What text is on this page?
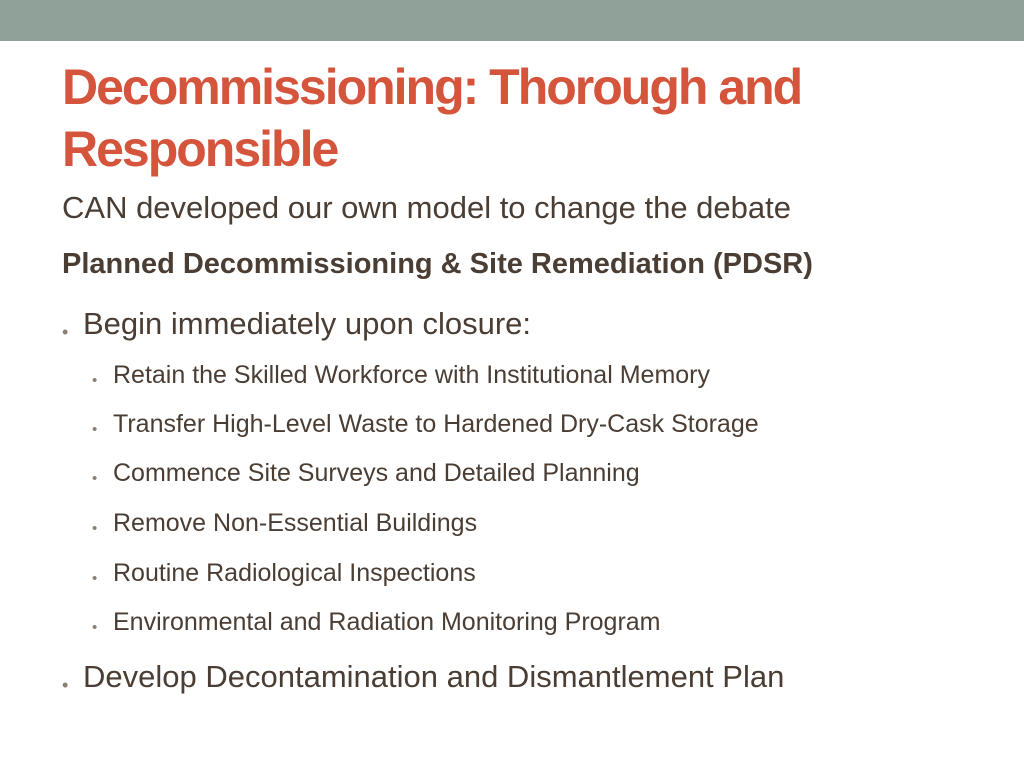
Decommissioning: Thorough and Responsible

CAN developed our own model to change the debate

Planned Decommissioning & Site Remediation (PDSR)

• Begin immediately upon closure:
• Retain the Skilled Workforce with Institutional Memory
• Transfer High-Level Waste to Hardened Dry-Cask Storage
• Commence Site Surveys and Detailed Planning
• Remove Non-Essential Buildings
• Routine Radiological Inspections
• Environmental and Radiation Monitoring Program
• Develop Decontamination and Dismantlement Plan
